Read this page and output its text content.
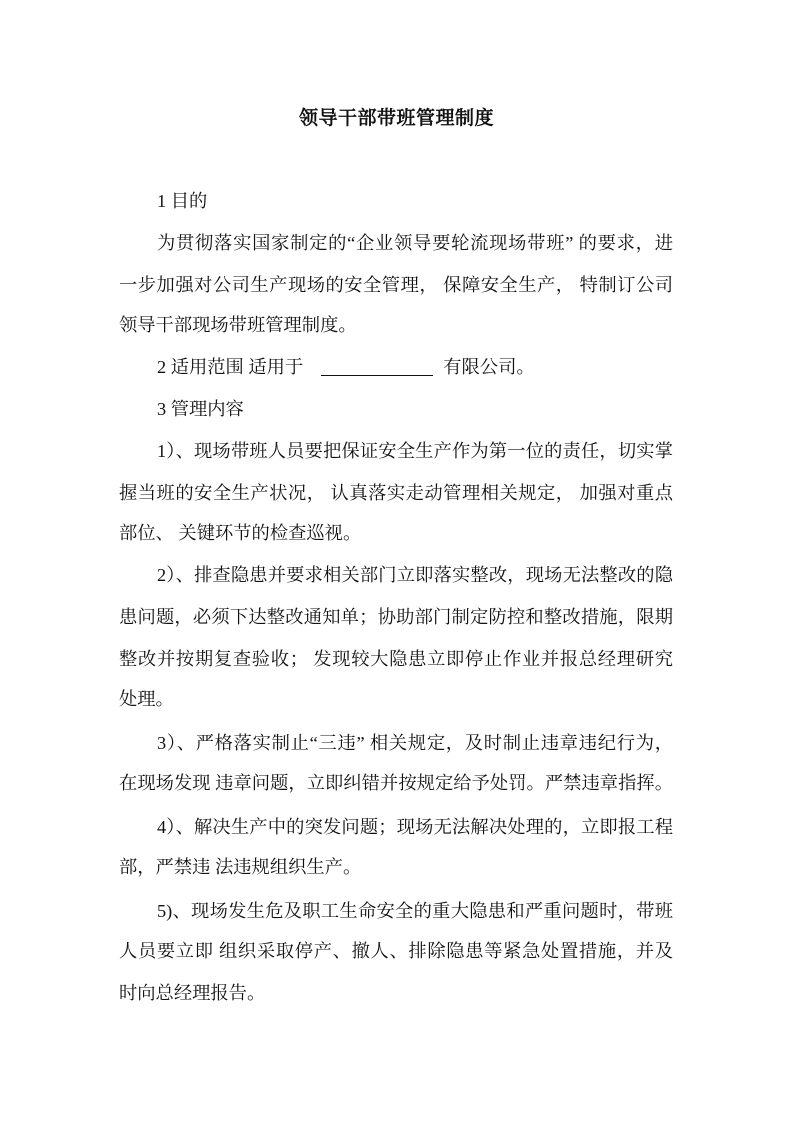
领导干部带班管理制度
1 目的
为贯彻落实国家制定的“企业领导要轮流现场带班” 的要求，进
一步加强对公司生产现场的安全管理， 保障安全生产， 特制订公司
领导干部现场带班管理制度。
2 适用范围 适用于	有限公司。
3 管理内容
1）、现场带班人员要把保证安全生产作为第一位的责任，切实掌
握当班的安全生产状况， 认真落实走动管理相关规定， 加强对重点
部位、 关键环节的检查巡视。
2）、排查隐患并要求相关部门立即落实整改，现场无法整改的隐
患问题，必须下达整改通知单；协助部门制定防控和整改措施，限期
整改并按期复查验收； 发现较大隐患立即停止作业并报总经理研究
处理。
3）、严格落实制止“三违” 相关规定，及时制止违章违纪行为，
在现场发现 违章问题，立即纠错并按规定给予处罚。严禁违章指挥。
4）、解决生产中的突发问题；现场无法解决处理的，立即报工程
部，严禁违 法违规组织生产。
5)、现场发生危及职工生命安全的重大隐患和严重问题时，带班
人员要立即 组织采取停产、撤人、排除隐患等紧急处置措施，并及
时向总经理报告。
